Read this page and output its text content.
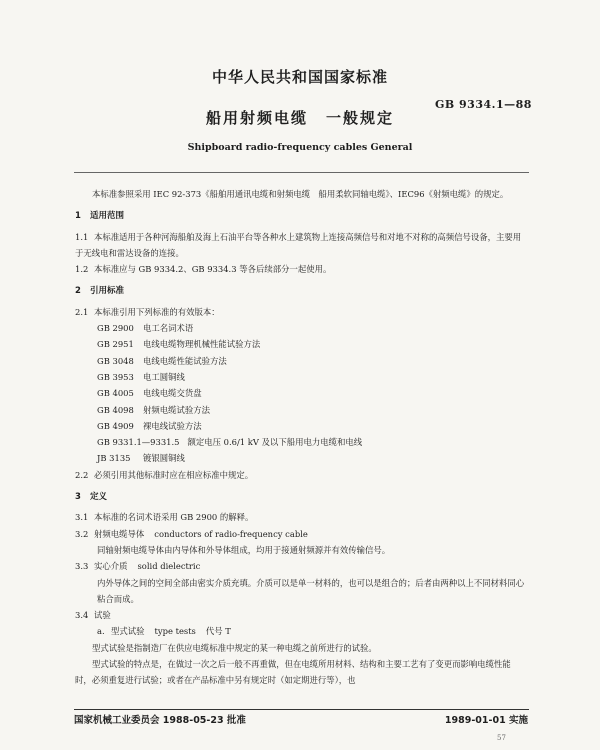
中华人民共和国国家标准
GB 9334.1—88
船用射频电缆 一般规定
Shipboard radio-frequency cables General

本标准参照采用 IEC 92-373《船舶用通讯电缆和射频电缆　船用柔软同轴电缆》、IEC96《射频电缆》的规定。

1 适用范围

1.1 本标准适用于各种河海船舶及海上石油平台等各种水上建筑物上连接高频信号和对地不对称的高频信号设备，主要用于无线电和雷达设备的连接。

1.2 本标准应与 GB 9334.2、GB 9334.3 等各后续部分一起使用。

2 引用标准

2.1 本标准引用下列标准的有效版本：

GB 2900 电工名词术语
GB 2951 电线电缆物理机械性能试验方法
GB 3048 电线电缆性能试验方法
GB 3953 电工圆铜线
GB 4005 电线电缆交货盘
GB 4098 射频电缆试验方法
GB 4909 裸电线试验方法
GB 9331.1—9331.5 额定电压 0.6/1 kV 及以下船用电力电缆和电线
JB 3135 镀银圆铜线

2.2 必须引用其他标准时应在相应标准中规定。

3 定义

3.1 本标准的名词术语采用 GB 2900 的解释。

3.2 射频电缆导体 conductors of radio-frequency cable

同轴射频电缆导体由内导体和外导体组成，均用于接通射频源并有效传输信号。

3.3 实心介质 solid dielectric

内外导体之间的空间全部由密实介质充填。介质可以是单一材料的，也可以是组合的；后者由两种以上不同材料同心粘合而成。

3.4 试验

a. 型式试验 type tests 代号 T

型式试验是指制造厂在供应电缆标准中规定的某一种电缆之前所进行的试验。

型式试验的特点是，在做过一次之后一般不再重做，但在电缆所用材料、结构和主要工艺有了变更而影响电缆性能时，必须重复进行试验；或者在产品标准中另有规定时（如定期进行等），也

国家机械工业委员会 1988-05-23 批准	1989-01-01 实施
57
